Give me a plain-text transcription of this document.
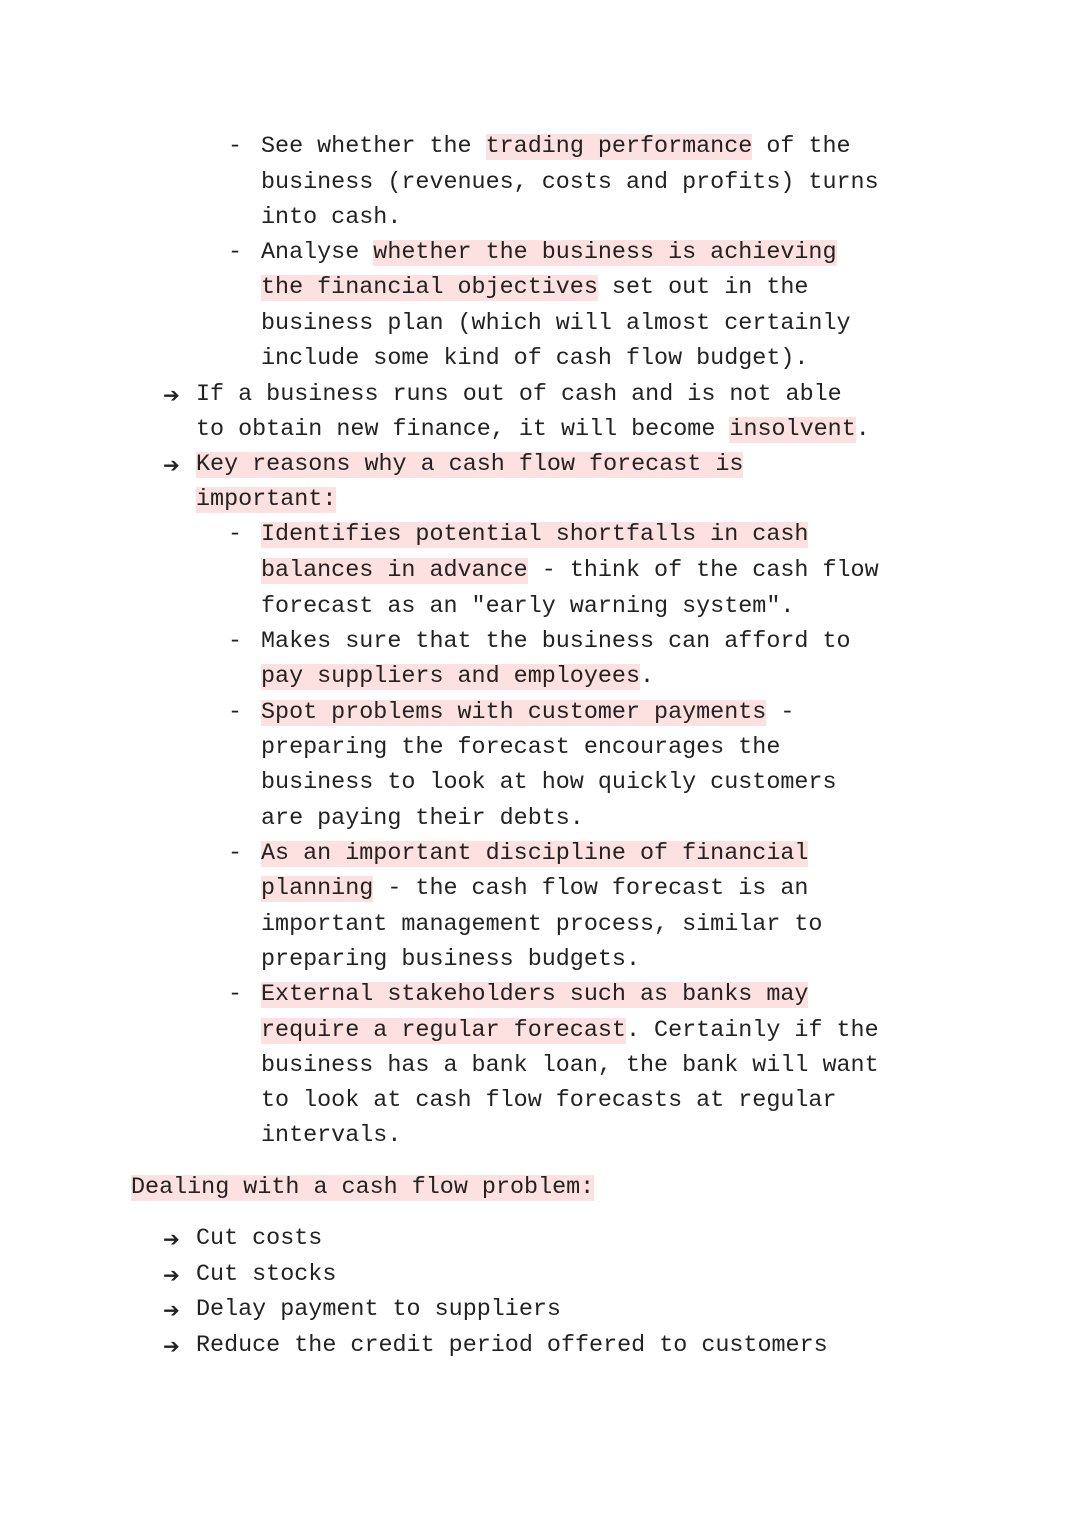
- See whether the trading performance of the
business (revenues, costs and profits) turns
into cash.
- Analyse whether the business is achieving
the financial objectives set out in the
business plan (which will almost certainly
include some kind of cash flow budget).
➔ If a business runs out of cash and is not able
to obtain new finance, it will become insolvent.
➔ Key reasons why a cash flow forecast is
important:
- Identifies potential shortfalls in cash
balances in advance - think of the cash flow
forecast as an "early warning system".
- Makes sure that the business can afford to
pay suppliers and employees.
- Spot problems with customer payments -
preparing the forecast encourages the
business to look at how quickly customers
are paying their debts.
- As an important discipline of financial
planning - the cash flow forecast is an
important management process, similar to
preparing business budgets.
- External stakeholders such as banks may
require a regular forecast. Certainly if the
business has a bank loan, the bank will want
to look at cash flow forecasts at regular
intervals.
Dealing with a cash flow problem:
➔ Cut costs
➔ Cut stocks
➔ Delay payment to suppliers
➔ Reduce the credit period offered to customers
